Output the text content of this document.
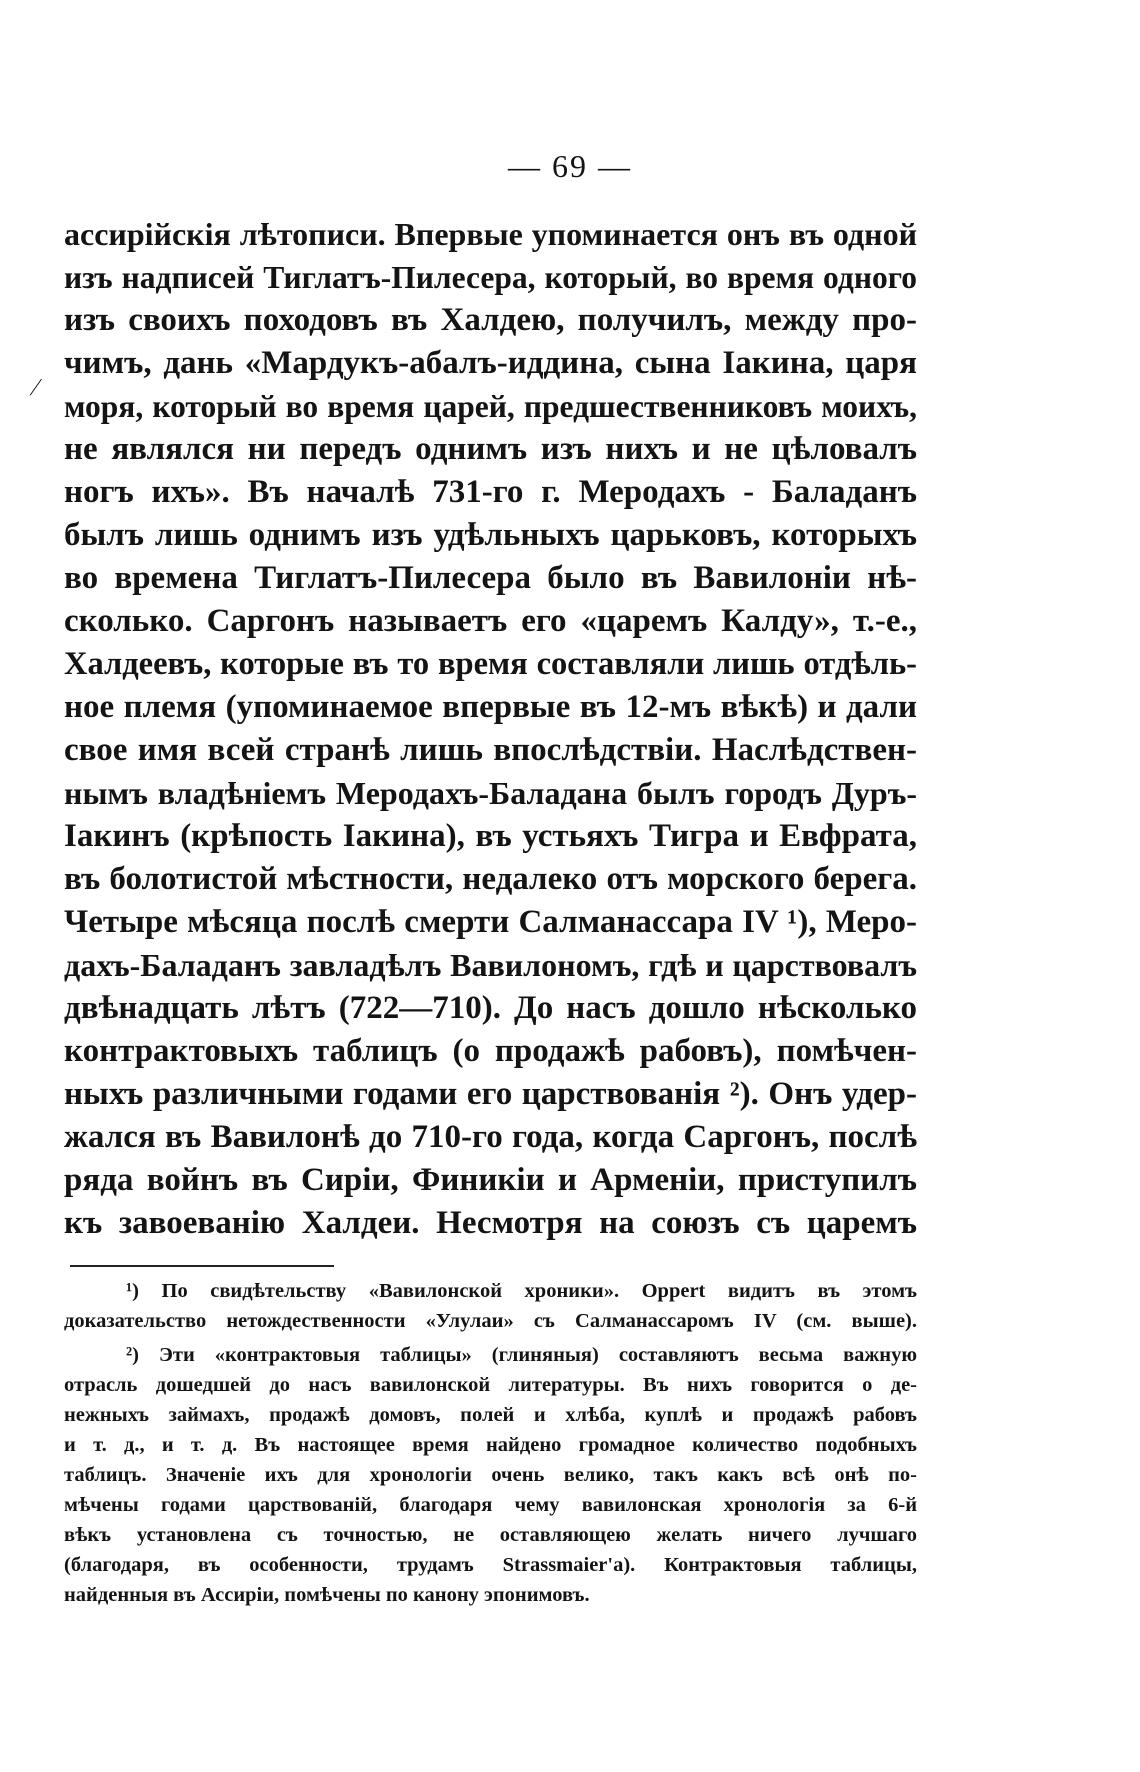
— 69 —
/
ассирійскія лѣтописи. Впервые упоминается онъ въ одной
изъ надписей Тиглатъ-Пилесера, который, во время одного
изъ своихъ походовъ въ Халдею, получилъ, между про-
чимъ, дань «Мардукъ-абалъ-иддина, сына Іакина, царя
моря, который во время царей, предшественниковъ моихъ,
не являлся ни передъ однимъ изъ нихъ и не цѣловалъ
ногъ ихъ». Въ началѣ 731-го г. Меродахъ - Баладанъ
былъ лишь однимъ изъ удѣльныхъ царьковъ, которыхъ
во времена Тиглатъ-Пилесера было въ Вавилоніи нѣ-
сколько. Саргонъ называетъ его «царемъ Калду», т.-е.,
Халдеевъ, которые въ то время составляли лишь отдѣль-
ное племя (упоминаемое впервые въ 12-мъ вѣкѣ) и дали
свое имя всей странѣ лишь впослѣдствіи. Наслѣдствен-
нымъ владѣніемъ Меродахъ-Баладана былъ городъ Дуръ-
Іакинъ (крѣпость Іакина), въ устьяхъ Тигра и Евфрата,
въ болотистой мѣстности, недалеко отъ морского берега.
Четыре мѣсяца послѣ смерти Салманассара IV ¹), Меро-
дахъ-Баладанъ завладѣлъ Вавилономъ, гдѣ и царствовалъ
двѣнадцать лѣтъ (722—710). До насъ дошло нѣсколько
контрактовыхъ таблицъ (о продажѣ рабовъ), помѣчен-
ныхъ различными годами его царствованія ²). Онъ удер-
жался въ Вавилонѣ до 710-го года, когда Саргонъ, послѣ
ряда войнъ въ Сиріи, Финикіи и Арменіи, приступилъ
къ завоеванію Халдеи. Несмотря на союзъ съ царемъ
¹) По свидѣтельству «Вавилонской хроники». Oppert видитъ въ этомъ
доказательство нетождественности «Улулаи» съ Салманассаромъ IV (см. выше).
²) Эти «контрактовыя таблицы» (глиняныя) составляютъ весьма важную
отрасль дошедшей до насъ вавилонской литературы. Въ нихъ говорится о де-
нежныхъ займахъ, продажѣ домовъ, полей и хлѣба, куплѣ и продажѣ рабовъ
и т. д., и т. д. Въ настоящее время найдено громадное количество подобныхъ
таблицъ. Значеніе ихъ для хронологіи очень велико, такъ какъ всѣ онѣ по-
мѣчены годами царствованій, благодаря чему вавилонская хронологія за 6-й
вѣкъ установлена съ точностью, не оставляющею желать ничего лучшаго
(благодаря, въ особенности, трудамъ Strassmaier'а). Контрактовыя таблицы,
найденныя въ Ассиріи, помѣчены по канону эпонимовъ.
